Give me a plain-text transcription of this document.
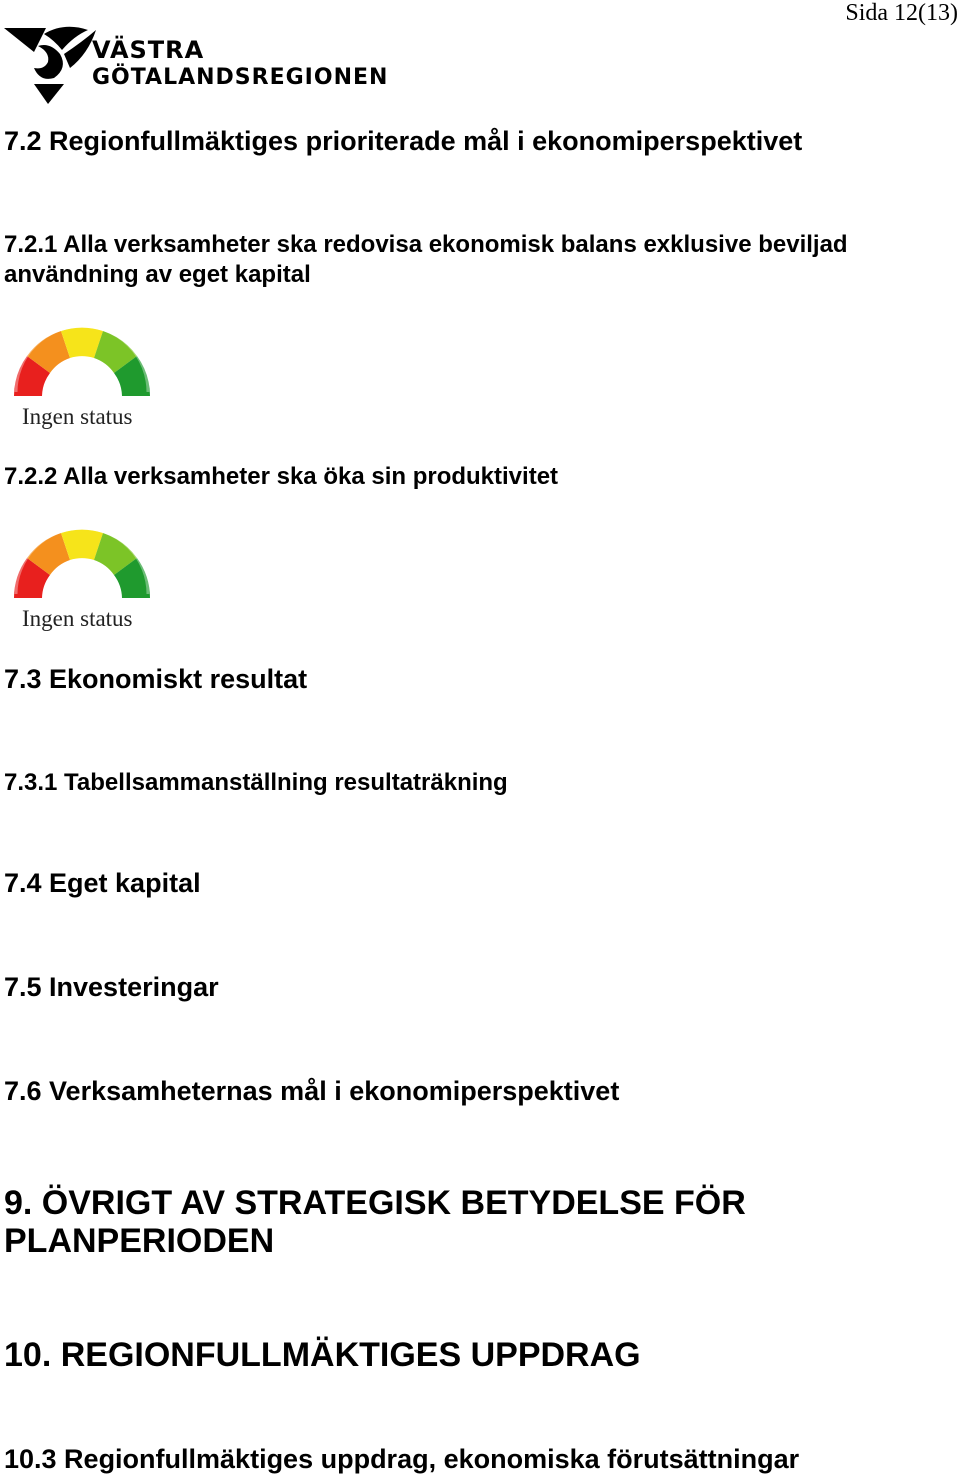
Sida 12(13)
VÄSTRA
GÖTALANDSREGIONEN
7.2 Regionfullmäktiges prioriterade mål i ekonomiperspektivet
7.2.1 Alla verksamheter ska redovisa ekonomisk balans exklusive beviljad användning av eget kapital
Ingen status
7.2.2 Alla verksamheter ska öka sin produktivitet
Ingen status
7.3 Ekonomiskt resultat
7.3.1 Tabellsammanställning resultaträkning
7.4 Eget kapital
7.5 Investeringar
7.6 Verksamheternas mål i ekonomiperspektivet
9. ÖVRIGT AV STRATEGISK BETYDELSE FÖR PLANPERIODEN
10. REGIONFULLMÄKTIGES UPPDRAG
10.3 Regionfullmäktiges uppdrag, ekonomiska förutsättningar
